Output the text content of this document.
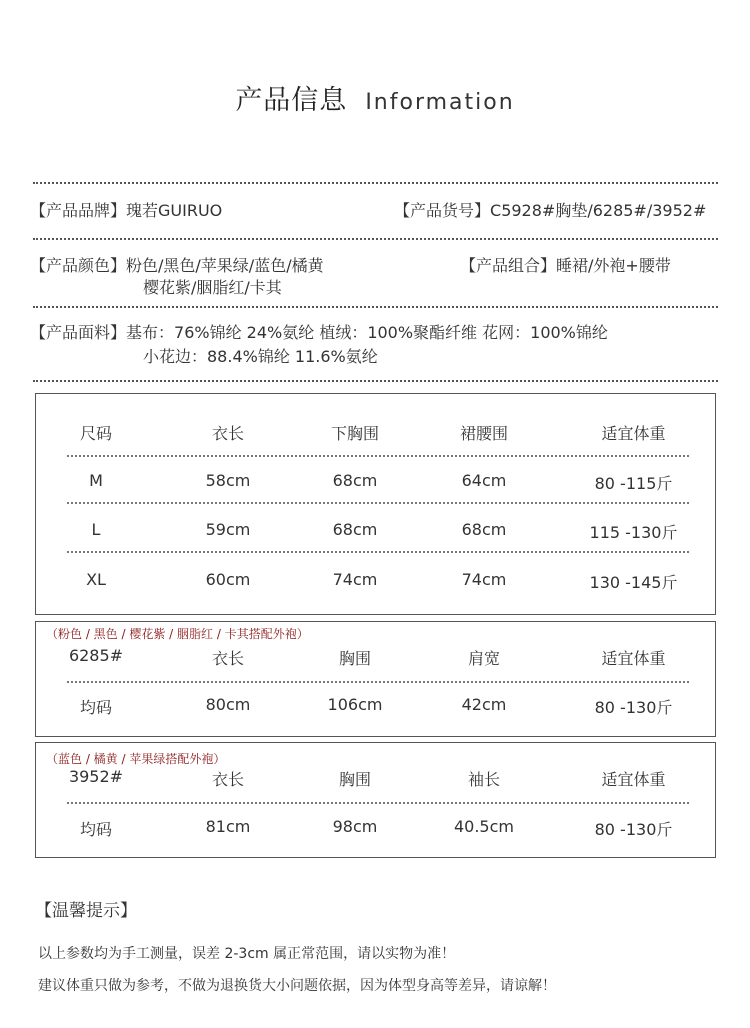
产品信息 Information
【产品品牌】瑰若GUIRUO	【产品货号】C5928#胸垫/6285#/3952#
【产品颜色】粉色/黑色/苹果绿/蓝色/橘黄
樱花紫/胭脂红/卡其
【产品组合】睡裙/外袍+腰带
【产品面料】基布：76%锦纶 24%氨纶 植绒：100%聚酯纤维 花网：100%锦纶
小花边：88.4%锦纶 11.6%氨纶
尺码	衣长	下胸围	裙腰围	适宜体重
M	58cm	68cm	64cm	80 -115斤
L	59cm	68cm	68cm	115 -130斤
XL	60cm	74cm	74cm	130 -145斤
（粉色 / 黑色 / 樱花紫 / 胭脂红 / 卡其搭配外袍）
6285#	衣长	胸围	肩宽	适宜体重
均码	80cm	106cm	42cm	80 -130斤
（蓝色 / 橘黄 / 苹果绿搭配外袍）
3952#	衣长	胸围	袖长	适宜体重
均码	81cm	98cm	40.5cm	80 -130斤
【温馨提示】
以上参数均为手工测量，误差 2-3cm 属正常范围，请以实物为准！
建议体重只做为参考，不做为退换货大小问题依据，因为体型身高等差异，请谅解！
